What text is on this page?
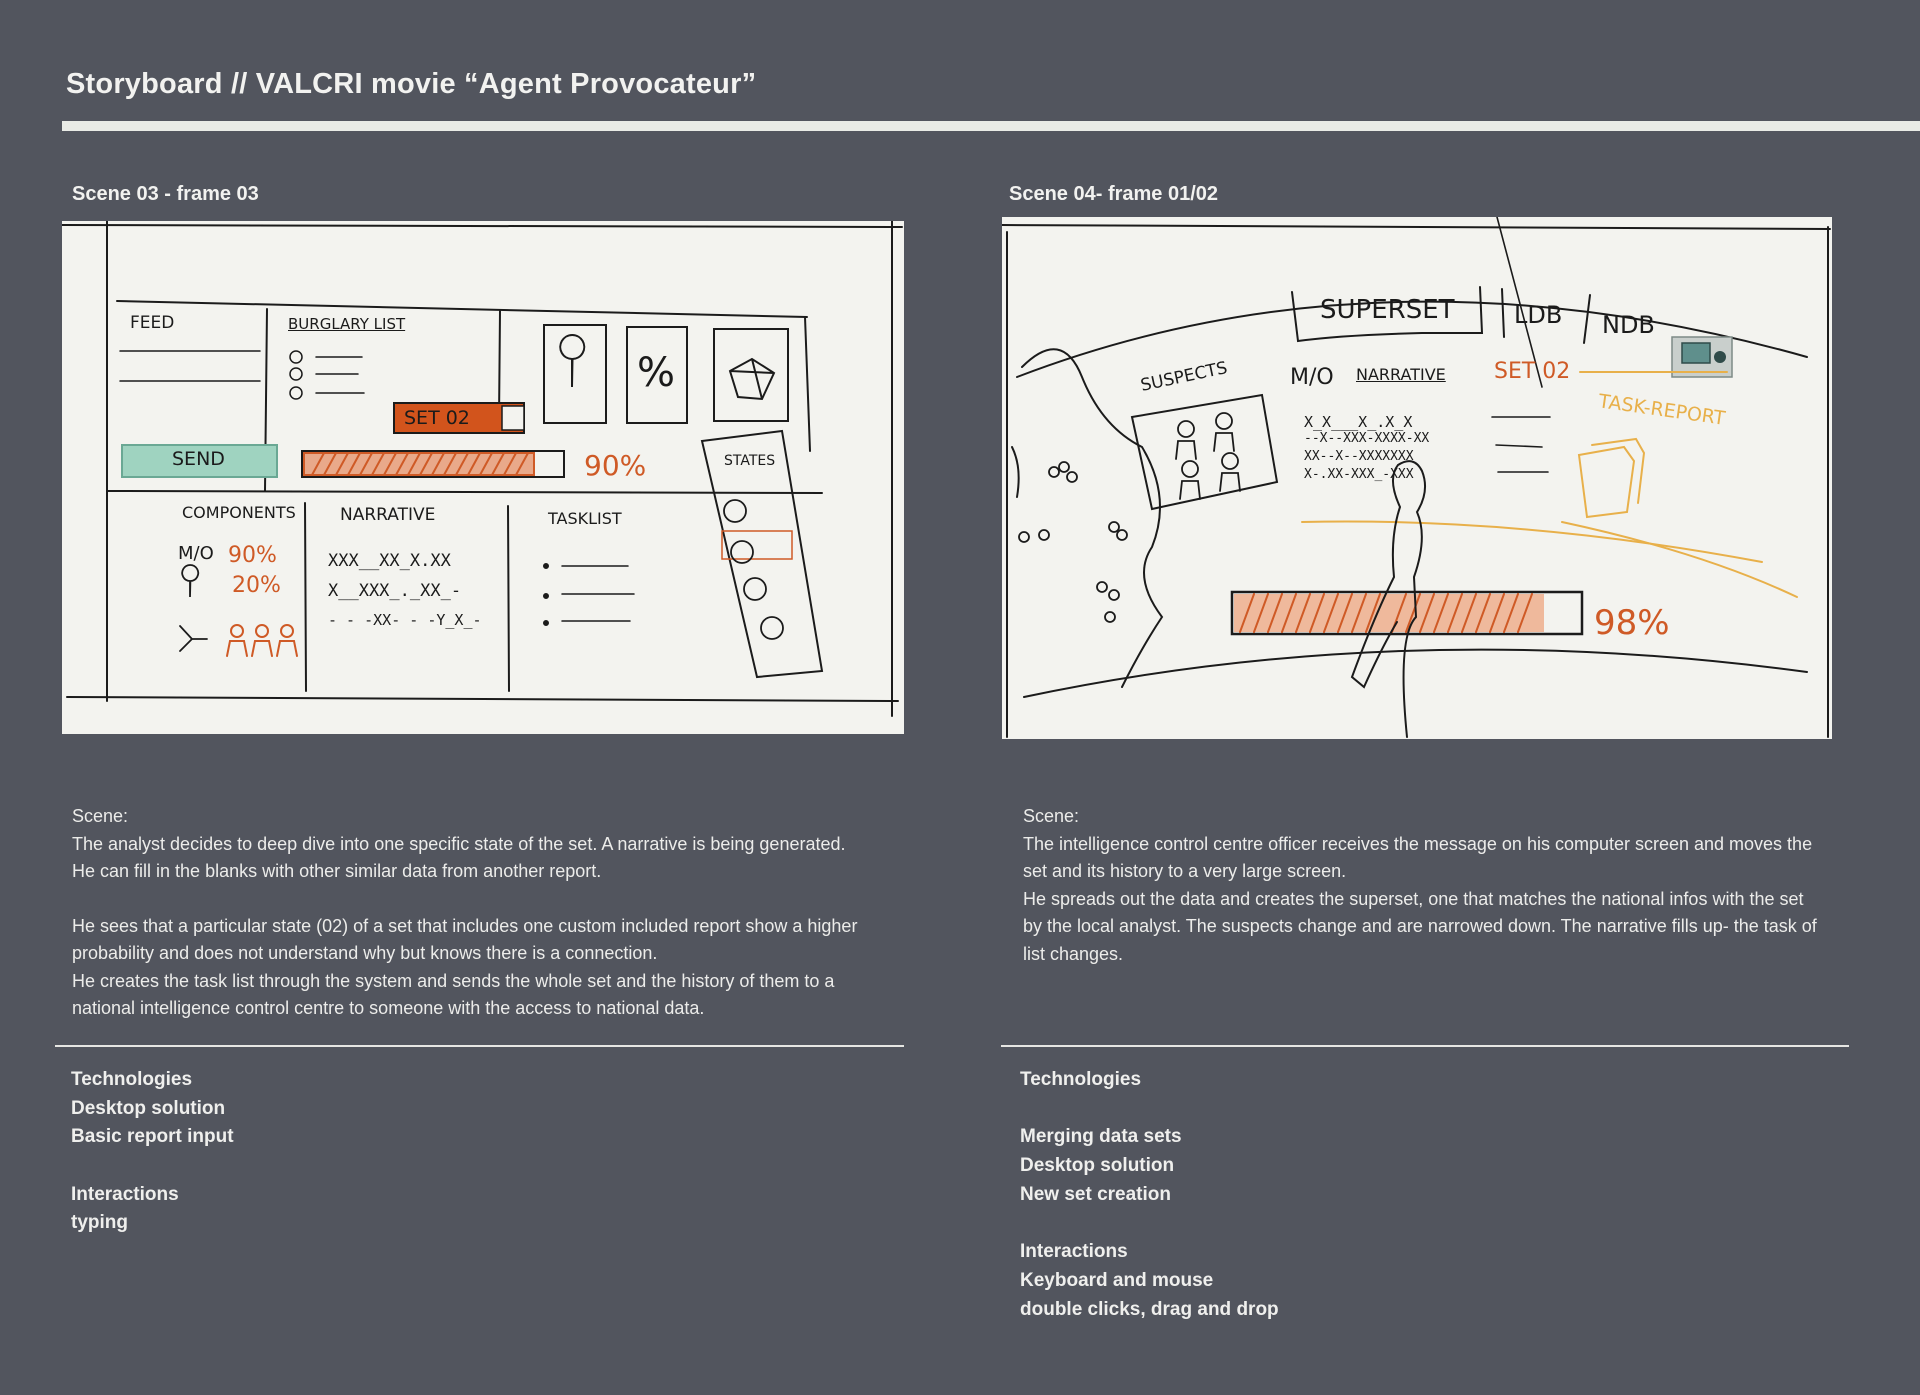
Storyboard // VALCRI movie “Agent Provocateur”
Scene 03 - frame 03
%
FEED	BURGLARY LIST
SET 02
SEND	90%	STATES
COMPONENTS	NARRATIVE	TASKLIST
M/O 90%
20%
XXX__XX_X.XX
X__XXX_._XX_-
- - -XX- - -Y_X_-

Scene:

The analyst decides to deep dive into one specific state of the set. A narrative is being generated. He can fill in the blanks with other similar data from another report.

He sees that a particular state (02) of a set that includes one custom included report show a higher probability and does not understand why but knows there is a connection.

He creates the task list through the system and sends the whole set and the history of them to a national intelligence control centre to someone with the access to national data.

Technologies
Desktop solution
Basic report input
Interactions
typing
Scene 04- frame 01/02
SUPERSET LDB NDB
SUSPECTS	M/O NARRATIVE SET 02
TASK-REPORT
98%
X_X___X_.X_X
--X--XXX-XXXX-XX
XX--X--XXXXXXX
X-.XX-XXX_-XXX

Scene:

The intelligence control centre officer receives the message on his computer screen and moves the set and its history to a very large screen.

He spreads out the data and creates the superset, one that matches the national infos with the set by the local analyst. The suspects change and are narrowed down. The narrative fills up- the task of list changes.

Technologies
Merging data sets
Desktop solution
New set creation
Interactions
Keyboard and mouse
double clicks, drag and drop
